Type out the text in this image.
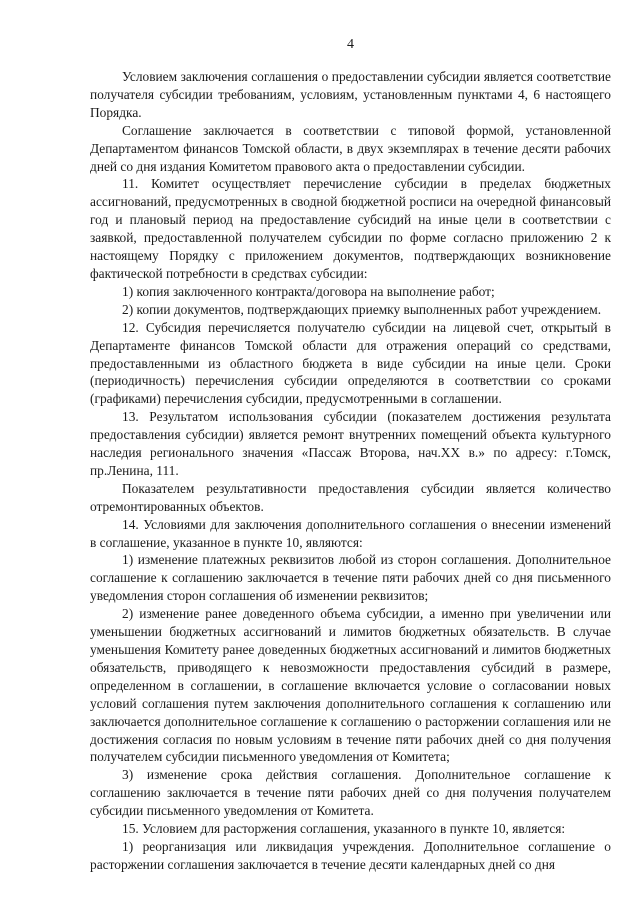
4

Условием заключения соглашения о предоставлении субсидии является соответствие получателя субсидии требованиям, условиям, установленным пунктами 4, 6 настоящего Порядка.

Соглашение заключается в соответствии с типовой формой, установленной Департаментом финансов Томской области, в двух экземплярах в течение десяти рабочих дней со дня издания Комитетом правового акта о предоставлении субсидии.

11. Комитет осуществляет перечисление субсидии в пределах бюджетных ассигнований, предусмотренных в сводной бюджетной росписи на очередной финансовый год и плановый период на предоставление субсидий на иные цели в соответствии с заявкой, предоставленной получателем субсидии по форме согласно приложению 2 к настоящему Порядку с приложением документов, подтверждающих возникновение фактической потребности в средствах субсидии:

1) копия заключенного контракта/договора на выполнение работ;

2) копии документов, подтверждающих приемку выполненных работ учреждением.

12. Субсидия перечисляется получателю субсидии на лицевой счет, открытый в Департаменте финансов Томской области для отражения операций со средствами, предоставленными из областного бюджета в виде субсидии на иные цели. Сроки (периодичность) перечисления субсидии определяются в соответствии со сроками (графиками) перечисления субсидии, предусмотренными в соглашении.

13. Результатом использования субсидии (показателем достижения результата предоставления субсидии) является ремонт внутренних помещений объекта культурного наследия регионального значения «Пассаж Второва, нач.XX в.» по адресу: г.Томск, пр.Ленина, 111.

Показателем результативности предоставления субсидии является количество отремонтированных объектов.

14. Условиями для заключения дополнительного соглашения о внесении изменений в соглашение, указанное в пункте 10, являются:

1) изменение платежных реквизитов любой из сторон соглашения. Дополнительное соглашение к соглашению заключается в течение пяти рабочих дней со дня письменного уведомления сторон соглашения об изменении реквизитов;

2) изменение ранее доведенного объема субсидии, а именно при увеличении или уменьшении бюджетных ассигнований и лимитов бюджетных обязательств. В случае уменьшения Комитету ранее доведенных бюджетных ассигнований и лимитов бюджетных обязательств, приводящего к невозможности предоставления субсидий в размере, определенном в соглашении, в соглашение включается условие о согласовании новых условий соглашения путем заключения дополнительного соглашения к соглашению или заключается дополнительное соглашение к соглашению о расторжении соглашения или не достижения согласия по новым условиям в течение пяти рабочих дней со дня получения получателем субсидии письменного уведомления от Комитета;

3) изменение срока действия соглашения. Дополнительное соглашение к соглашению заключается в течение пяти рабочих дней со дня получения получателем субсидии письменного уведомления от Комитета.

15. Условием для расторжения соглашения, указанного в пункте 10, является:

1) реорганизация или ликвидация учреждения. Дополнительное соглашение о расторжении соглашения заключается в течение десяти календарных дней со дня
